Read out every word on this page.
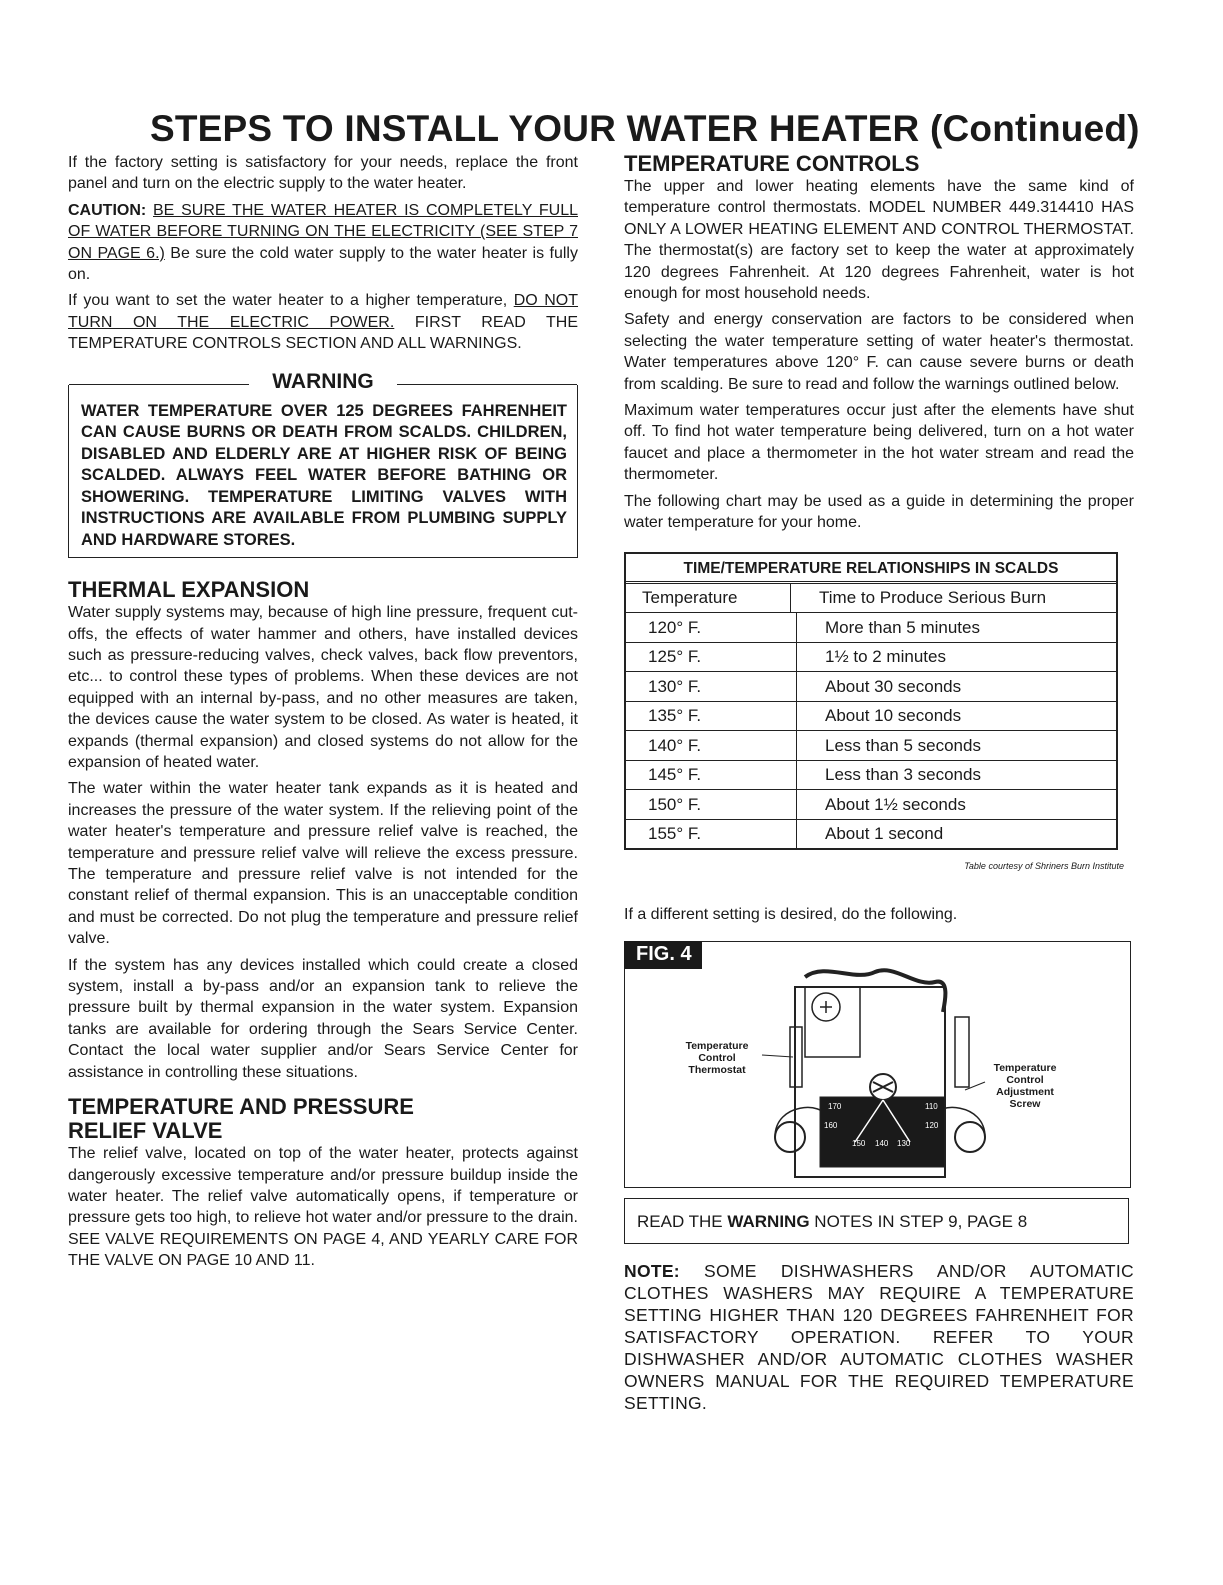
STEPS TO INSTALL YOUR WATER HEATER (Continued)

If the factory setting is satisfactory for your needs, replace the front panel and turn on the electric supply to the water heater.

CAUTION: BE SURE THE WATER HEATER IS COMPLETELY FULL OF WATER BEFORE TURNING ON THE ELECTRICITY (SEE STEP 7 ON PAGE 6.) Be sure the cold water supply to the water heater is fully on.

If you want to set the water heater to a higher temperature, DO NOT TURN ON THE ELECTRIC POWER. FIRST READ THE TEMPERATURE CONTROLS SECTION AND ALL WARNINGS.

WARNING
WATER TEMPERATURE OVER 125 DEGREES FAHRENHEIT CAN CAUSE BURNS OR DEATH FROM SCALDS. CHILDREN, DISABLED AND ELDERLY ARE AT HIGHER RISK OF BEING SCALDED. ALWAYS FEEL WATER BEFORE BATHING OR SHOWERING. TEMPERATURE LIMITING VALVES WITH INSTRUCTIONS ARE AVAILABLE FROM PLUMBING SUPPLY AND HARDWARE STORES.
THERMAL EXPANSION

Water supply systems may, because of high line pressure, frequent cut-offs, the effects of water hammer and others, have installed devices such as pressure-reducing valves, check valves, back flow preventors, etc... to control these types of problems. When these devices are not equipped with an internal by-pass, and no other measures are taken, the devices cause the water system to be closed. As water is heated, it expands (thermal expansion) and closed systems do not allow for the expansion of heated water.

The water within the water heater tank expands as it is heated and increases the pressure of the water system. If the relieving point of the water heater's temperature and pressure relief valve is reached, the temperature and pressure relief valve will relieve the excess pressure. The temperature and pressure relief valve is not intended for the constant relief of thermal expansion. This is an unacceptable condition and must be corrected. Do not plug the temperature and pressure relief valve.

If the system has any devices installed which could create a closed system, install a by-pass and/or an expansion tank to relieve the pressure built by thermal expansion in the water system. Expansion tanks are available for ordering through the Sears Service Center. Contact the local water supplier and/or Sears Service Center for assistance in controlling these situations.

TEMPERATURE AND PRESSURE
RELIEF VALVE

The relief valve, located on top of the water heater, protects against dangerously excessive temperature and/or pressure buildup inside the water heater. The relief valve automatically opens, if temperature or pressure gets too high, to relieve hot water and/or pressure to the drain. SEE VALVE REQUIREMENTS ON PAGE 4, AND YEARLY CARE FOR THE VALVE ON PAGE 10 AND 11.

TEMPERATURE CONTROLS

The upper and lower heating elements have the same kind of temperature control thermostats. MODEL NUMBER 449.314410 HAS ONLY A LOWER HEATING ELEMENT AND CONTROL THERMOSTAT. The thermostat(s) are factory set to keep the water at approximately 120 degrees Fahrenheit. At 120 degrees Fahrenheit, water is hot enough for most household needs.

Safety and energy conservation are factors to be considered when selecting the water temperature setting of water heater's thermostat. Water temperatures above 120° F. can cause severe burns or death from scalding. Be sure to read and follow the warnings outlined below.

Maximum water temperatures occur just after the elements have shut off. To find hot water temperature being delivered, turn on a hot water faucet and place a thermometer in the hot water stream and read the thermometer.

The following chart may be used as a guide in determining the proper water temperature for your home.

TIME/TEMPERATURE RELATIONSHIPS IN SCALDS
Temperature	Time to Produce Serious Burn
120° F.	More than 5 minutes
125° F.	1½ to 2 minutes
130° F.	About 30 seconds
135° F.	About 10 seconds
140° F.	Less than 5 seconds
145° F.	Less than 3 seconds
150° F.	About 1½ seconds
155° F.	About 1 second
Table courtesy of Shriners Burn Institute

If a different setting is desired, do the following.

FIG. 4
170
160
150 140 130
120
110
Temperature
Control
Thermostat	Temperature
Control
Adjustment
Screw
READ THE
WARNING
NOTES IN STEP 9, PAGE 8
NOTE: SOME DISHWASHERS AND/OR AUTOMATIC CLOTHES WASHERS MAY REQUIRE A TEMPERATURE SETTING HIGHER THAN 120 DEGREES FAHRENHEIT FOR SATISFACTORY OPERATION. REFER TO YOUR DISHWASHER AND/OR AUTOMATIC CLOTHES WASHER OWNERS MANUAL FOR THE REQUIRED TEMPERATURE SETTING.
